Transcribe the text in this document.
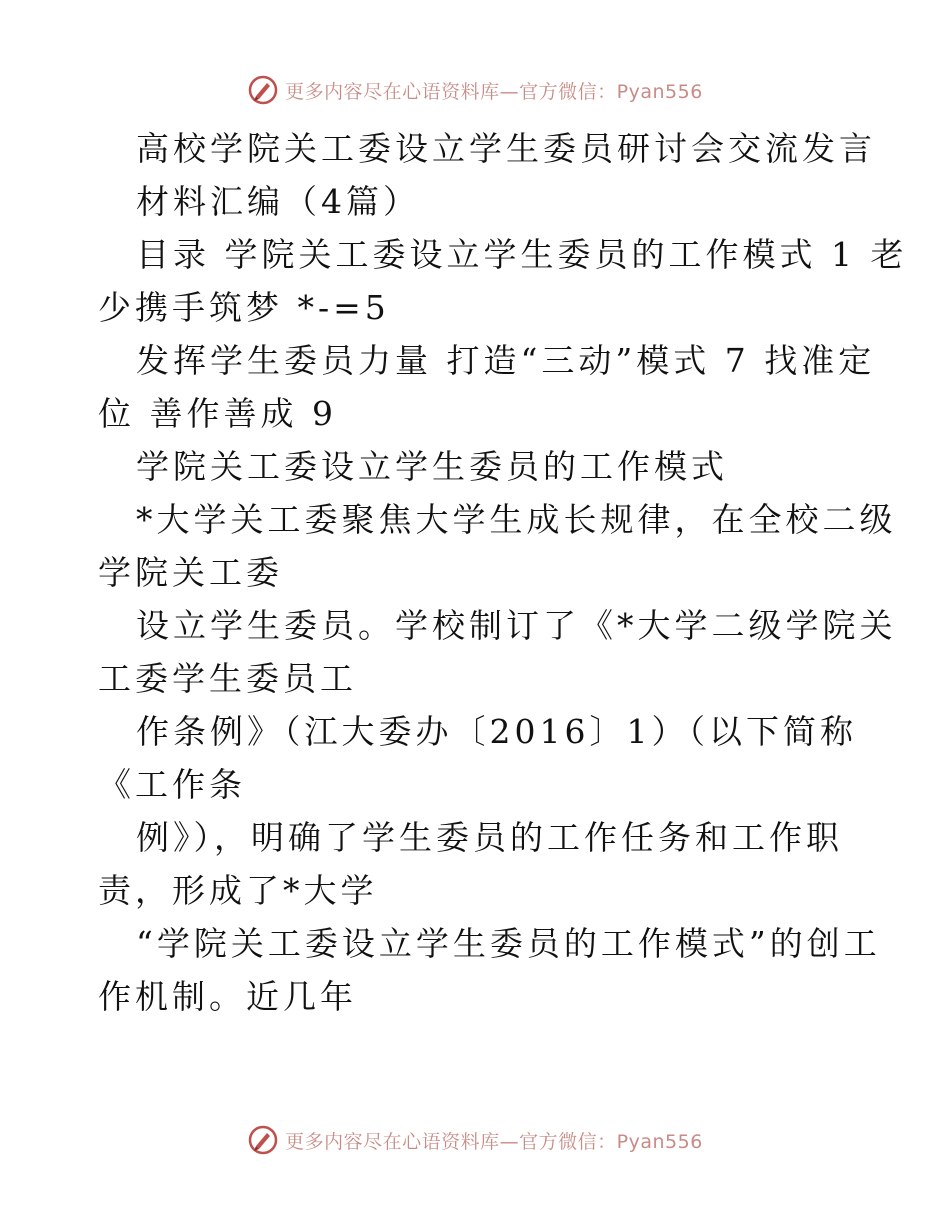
更多内容尽在心语资料库—官方微信：Pyan556

高校学院关工委设立学生委员研讨会交流发言

材料汇编（4篇）

目录 学院关工委设立学生委员的工作模式 1 老

少携手筑梦 *-=5

发挥学生委员力量 打造“三动”模式 7 找准定

位 善作善成 9

学院关工委设立学生委员的工作模式

*大学关工委聚焦大学生成长规律，在全校二级

学院关工委

设立学生委员。学校制订了《*大学二级学院关

工委学生委员工

作条例》（江大委办〔2016〕1）（以下简称

《工作条

例》），明确了学生委员的工作任务和工作职

责，形成了*大学

“学院关工委设立学生委员的工作模式”的创工

作机制。近几年

更多内容尽在心语资料库—官方微信：Pyan556
